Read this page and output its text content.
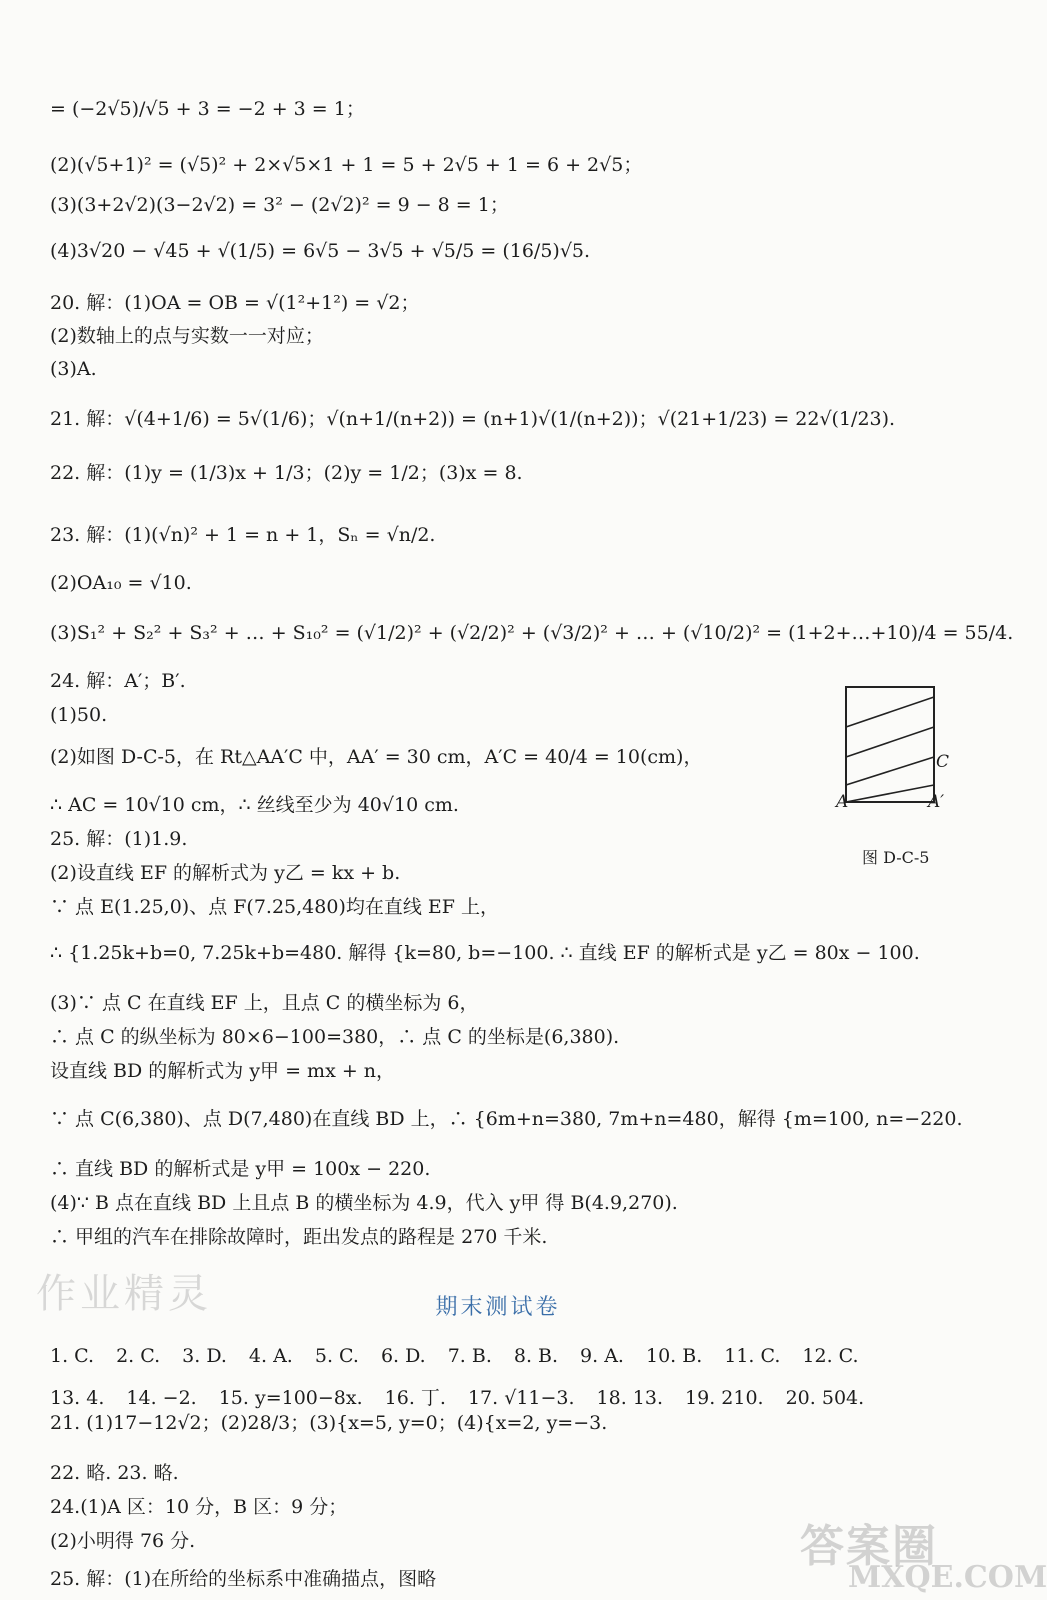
= (−2√5)/√5 + 3 = −2 + 3 = 1；
(2)(√5+1)² = (√5)² + 2×√5×1 + 1 = 5 + 2√5 + 1 = 6 + 2√5；
(3)(3+2√2)(3−2√2) = 3² − (2√2)² = 9 − 8 = 1；
(4)3√20 − √45 + √(1/5) = 6√5 − 3√5 + √5/5 = (16/5)√5.
20. 解：(1)OA = OB = √(1²+1²) = √2；
(2)数轴上的点与实数一一对应；
(3)A.
21. 解：√(4+1/6) = 5√(1/6)；√(n+1/(n+2)) = (n+1)√(1/(n+2))；√(21+1/23) = 22√(1/23).
22. 解：(1)y = (1/3)x + 1/3；(2)y = 1/2；(3)x = 8.
23. 解：(1)(√n)² + 1 = n + 1，Sₙ = √n/2.
(2)OA₁₀ = √10.
(3)S₁² + S₂² + S₃² + … + S₁₀² = (√1/2)² + (√2/2)² + (√3/2)² + … + (√10/2)² = (1+2+…+10)/4 = 55/4.
24. 解：A′；B′.
(1)50.
(2)如图 D-C-5，在 Rt△AA′C 中，AA′ = 30 cm，A′C = 40/4 = 10(cm)，
∴ AC = 10√10 cm，∴ 丝线至少为 40√10 cm.
25. 解：(1)1.9.
(2)设直线 EF 的解析式为 y乙 = kx + b.
∵ 点 E(1.25,0)、点 F(7.25,480)均在直线 EF 上，
∴ {1.25k+b=0, 7.25k+b=480. 解得 {k=80, b=−100. ∴ 直线 EF 的解析式是 y乙 = 80x − 100.
(3)∵ 点 C 在直线 EF 上，且点 C 的横坐标为 6，
∴ 点 C 的纵坐标为 80×6−100=380，∴ 点 C 的坐标是(6,380).
设直线 BD 的解析式为 y甲 = mx + n，
∵ 点 C(6,380)、点 D(7,480)在直线 BD 上，∴ {6m+n=380, 7m+n=480，解得 {m=100, n=−220.
∴ 直线 BD 的解析式是 y甲 = 100x − 220.
(4)∵ B 点在直线 BD 上且点 B 的横坐标为 4.9，代入 y甲 得 B(4.9,270).
∴ 甲组的汽车在排除故障时，距出发点的路程是 270 千米.
A	A′
C
图 D-C-5
作业精灵	期末测试卷
1. C. 2. C. 3. D. 4. A. 5. C. 6. D. 7. B. 8. B. 9. A. 10. B. 11. C. 12. C.
13. 4. 14. −2. 15. y=100−8x. 16. 丁. 17. √11−3. 18. 13. 19. 210. 20. 504.
21. (1)17−12√2；(2)28/3；(3){x=5, y=0；(4){x=2, y=−3.
22. 略. 23. 略.
24.(1)A 区：10 分，B 区：9 分；
(2)小明得 76 分.
25. 解：(1)在所给的坐标系中准确描点，图略
答案圈
MXQE.COM
